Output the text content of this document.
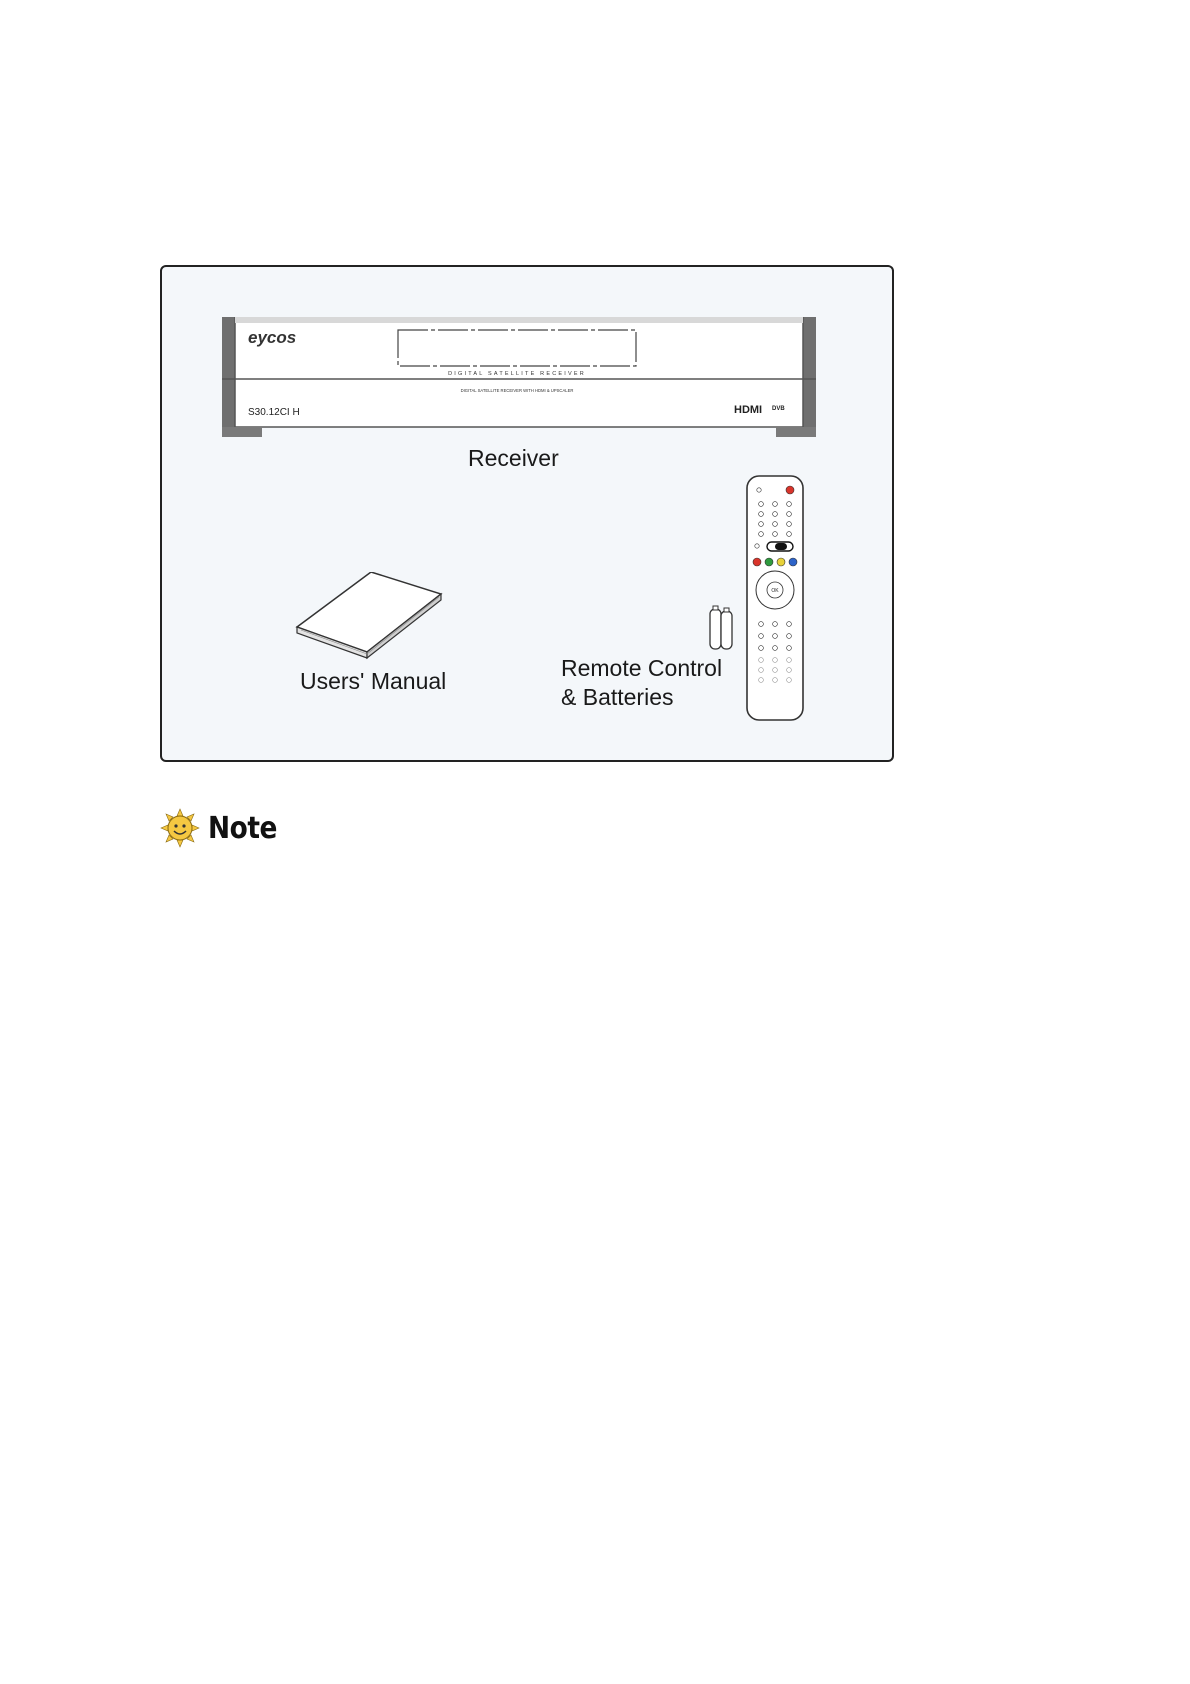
eycos
DIGITAL SATELLITE RECEIVER
DIGITAL SATELLITE RECEIVER WITH HDMI & UPSCALER
S30.12CI H	HDMI DVB
Receiver
Users' Manual	Remote Control
& Batteries
OK
Note
